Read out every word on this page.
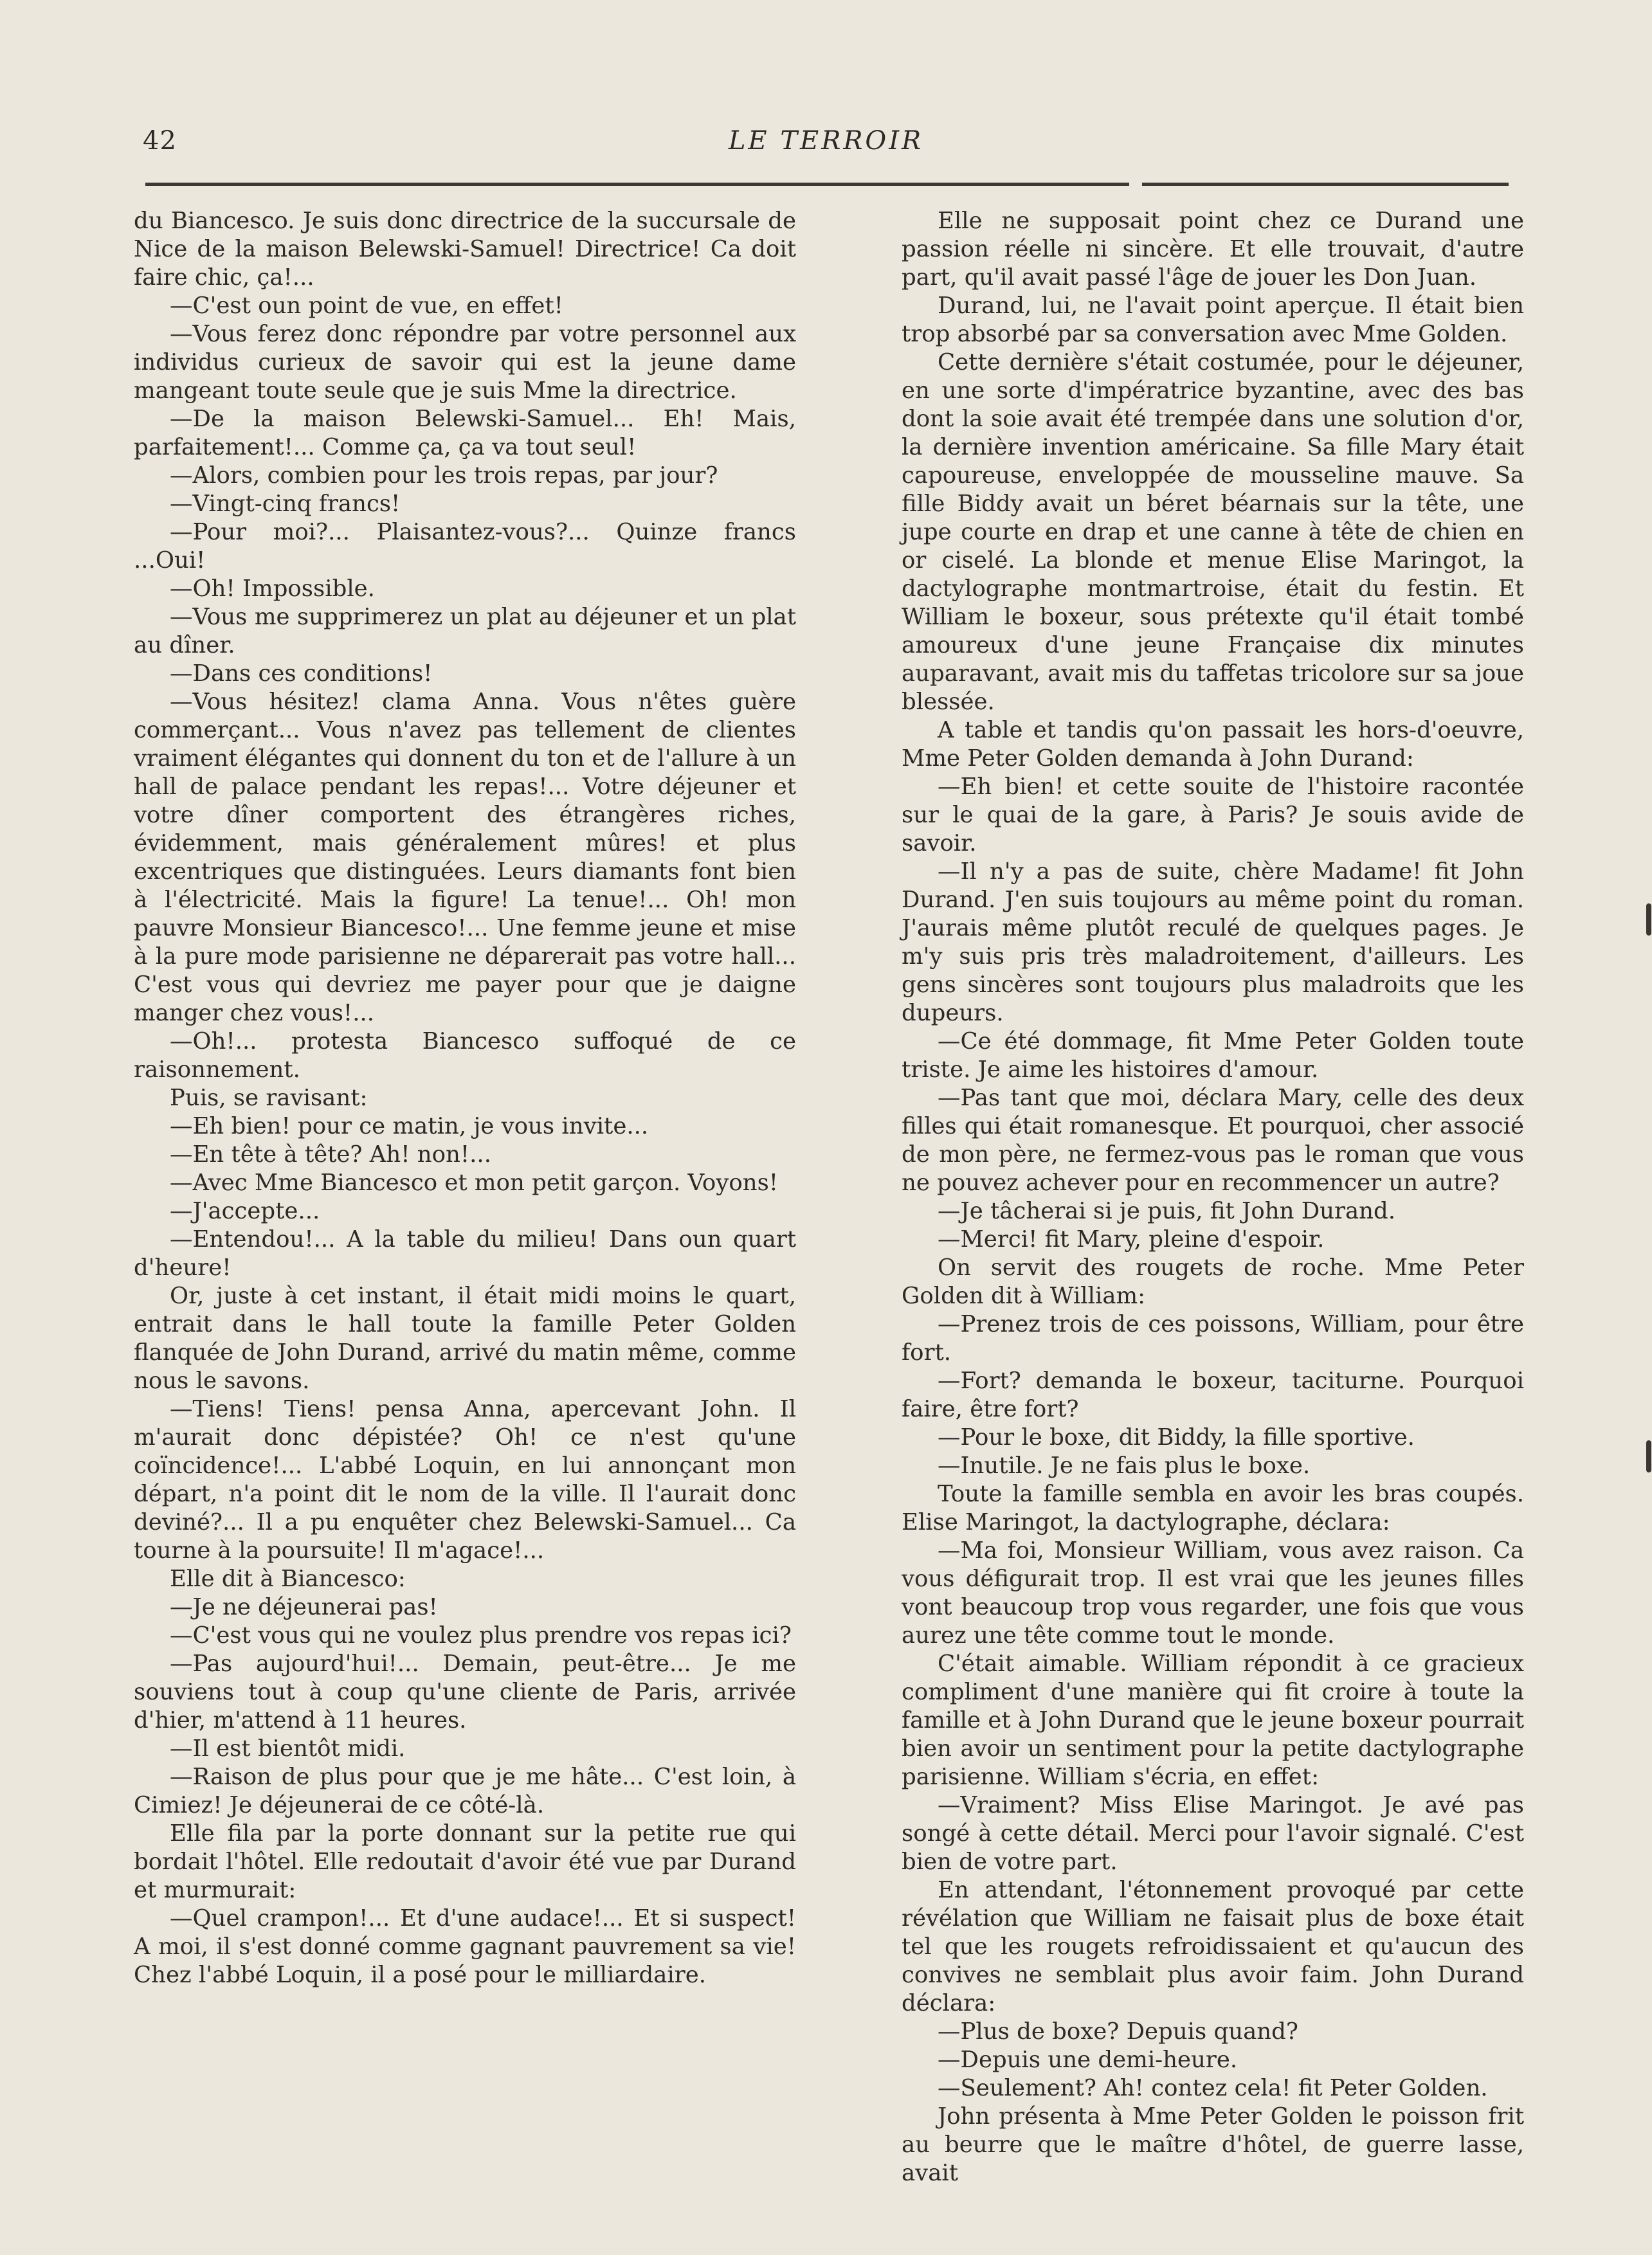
42	LE TERROIR

du Biancesco. Je suis donc directrice de la succursale de Nice de la maison Belewski-Samuel! Directrice! Ca doit faire chic, ça!...

—C'est oun point de vue, en effet!

—Vous ferez donc répondre par votre personnel aux individus curieux de savoir qui est la jeune dame mangeant toute seule que je suis Mme la directrice.

—De la maison Belewski-Samuel... Eh! Mais, parfaitement!... Comme ça, ça va tout seul!

—Alors, combien pour les trois repas, par jour?

—Vingt-cinq francs!

—Pour moi?... Plaisantez-vous?... Quinze francs ...Oui!

—Oh! Impossible.

—Vous me supprimerez un plat au déjeuner et un plat au dîner.

—Dans ces conditions!

—Vous hésitez! clama Anna. Vous n'êtes guère commerçant... Vous n'avez pas tellement de clientes vraiment élégantes qui donnent du ton et de l'allure à un hall de palace pendant les repas!... Votre déjeuner et votre dîner comportent des étrangères riches, évidemment, mais généralement mûres! et plus excentriques que distinguées. Leurs diamants font bien à l'électricité. Mais la figure! La tenue!... Oh! mon pauvre Monsieur Biancesco!... Une femme jeune et mise à la pure mode parisienne ne déparerait pas votre hall... C'est vous qui devriez me payer pour que je daigne manger chez vous!...

—Oh!... protesta Biancesco suffoqué de ce raisonnement.

Puis, se ravisant:

—Eh bien! pour ce matin, je vous invite...

—En tête à tête? Ah! non!...

—Avec Mme Biancesco et mon petit garçon. Voyons!

—J'accepte...

—Entendou!... A la table du milieu! Dans oun quart d'heure!

Or, juste à cet instant, il était midi moins le quart, entrait dans le hall toute la famille Peter Golden flanquée de John Durand, arrivé du matin même, comme nous le savons.

—Tiens! Tiens! pensa Anna, apercevant John. Il m'aurait donc dépistée? Oh! ce n'est qu'une coïncidence!... L'abbé Loquin, en lui annonçant mon départ, n'a point dit le nom de la ville. Il l'aurait donc deviné?... Il a pu enquêter chez Belewski-Samuel... Ca tourne à la poursuite! Il m'agace!...

Elle dit à Biancesco:

—Je ne déjeunerai pas!

—C'est vous qui ne voulez plus prendre vos repas ici?

—Pas aujourd'hui!... Demain, peut-être... Je me souviens tout à coup qu'une cliente de Paris, arrivée d'hier, m'attend à 11 heures.

—Il est bientôt midi.

—Raison de plus pour que je me hâte... C'est loin, à Cimiez! Je déjeunerai de ce côté-là.

Elle fila par la porte donnant sur la petite rue qui bordait l'hôtel. Elle redoutait d'avoir été vue par Durand et murmurait:

—Quel crampon!... Et d'une audace!... Et si suspect! A moi, il s'est donné comme gagnant pauvrement sa vie! Chez l'abbé Loquin, il a posé pour le milliardaire.

Elle ne supposait point chez ce Durand une passion réelle ni sincère. Et elle trouvait, d'autre part, qu'il avait passé l'âge de jouer les Don Juan.

Durand, lui, ne l'avait point aperçue. Il était bien trop absorbé par sa conversation avec Mme Golden.

Cette dernière s'était costumée, pour le déjeuner, en une sorte d'impératrice byzantine, avec des bas dont la soie avait été trempée dans une solution d'or, la dernière invention américaine. Sa fille Mary était capoureuse, enveloppée de mousseline mauve. Sa fille Biddy avait un béret béarnais sur la tête, une jupe courte en drap et une canne à tête de chien en or ciselé. La blonde et menue Elise Maringot, la dactylographe montmartroise, était du festin. Et William le boxeur, sous prétexte qu'il était tombé amoureux d'une jeune Française dix minutes auparavant, avait mis du taffetas tricolore sur sa joue blessée.

A table et tandis qu'on passait les hors-d'oeuvre, Mme Peter Golden demanda à John Durand:

—Eh bien! et cette souite de l'histoire racontée sur le quai de la gare, à Paris? Je souis avide de savoir.

—Il n'y a pas de suite, chère Madame! fit John Durand. J'en suis toujours au même point du roman. J'aurais même plutôt reculé de quelques pages. Je m'y suis pris très maladroitement, d'ailleurs. Les gens sincères sont toujours plus maladroits que les dupeurs.

—Ce été dommage, fit Mme Peter Golden toute triste. Je aime les histoires d'amour.

—Pas tant que moi, déclara Mary, celle des deux filles qui était romanesque. Et pourquoi, cher associé de mon père, ne fermez-vous pas le roman que vous ne pouvez achever pour en recommencer un autre?

—Je tâcherai si je puis, fit John Durand.

—Merci! fit Mary, pleine d'espoir.

On servit des rougets de roche. Mme Peter Golden dit à William:

—Prenez trois de ces poissons, William, pour être fort.

—Fort? demanda le boxeur, taciturne. Pourquoi faire, être fort?

—Pour le boxe, dit Biddy, la fille sportive.

—Inutile. Je ne fais plus le boxe.

Toute la famille sembla en avoir les bras coupés. Elise Maringot, la dactylographe, déclara:

—Ma foi, Monsieur William, vous avez raison. Ca vous défigurait trop. Il est vrai que les jeunes filles vont beaucoup trop vous regarder, une fois que vous aurez une tête comme tout le monde.

C'était aimable. William répondit à ce gracieux compliment d'une manière qui fit croire à toute la famille et à John Durand que le jeune boxeur pourrait bien avoir un sentiment pour la petite dactylographe parisienne. William s'écria, en effet:

—Vraiment? Miss Elise Maringot. Je avé pas songé à cette détail. Merci pour l'avoir signalé. C'est bien de votre part.

En attendant, l'étonnement provoqué par cette révélation que William ne faisait plus de boxe était tel que les rougets refroidissaient et qu'aucun des convives ne semblait plus avoir faim. John Durand déclara:

—Plus de boxe? Depuis quand?

—Depuis une demi-heure.

—Seulement? Ah! contez cela! fit Peter Golden.

John présenta à Mme Peter Golden le poisson frit au beurre que le maître d'hôtel, de guerre lasse, avait
